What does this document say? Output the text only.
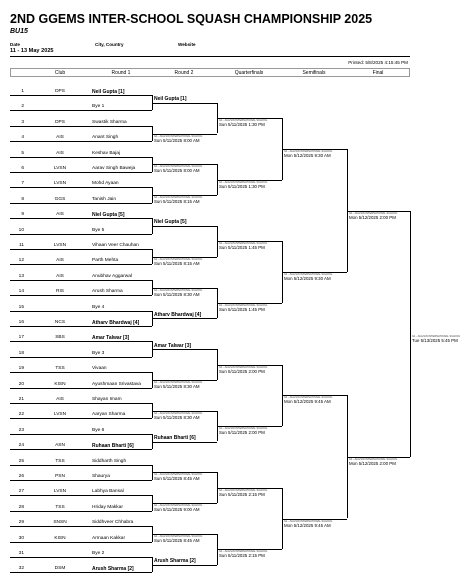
2ND GGEMS INTER-SCHOOL SQUASH CHAMPIONSHIP 2025
BU15
Date	City, Country	Website
11 - 13 May 2025
Printed: 5/8/2025 4:15:45 PM
Club	Round 1	Round 2	Quarterfinals	Semifinals	Final
1	DPS	Neil Gupta [1]
2	Bye 1
3	DPS	Swastik Sharma
4	AIS	Anant Singh
5	AIS	Keshav Bajaj
6	LVSN	Aarav Singh Baweja
7	LVSN	Mohd Ayaan
8	GGS	Tanish Jain
9	AIS	Niel Gupta [5]
10	Bye 5
11	LVSN	Vihaan Veer Chauhan
12	AIS	Parth Mehta
13	AIS	Anubhav Aggarwal
14	RIS	Arush Sharma
15	Bye 4
16	NCS	Atharv Bhardwaj [4]
17	SBS	Amar Talwar [3]
18	Bye 3
19	TSS	Vivaan
20	KISN	Ayushmaan Srivastava
21	AIS	Shayan Imam
22	LVSN	Aaryan Sharma
23	Bye 6
24	ASN	Ruhaan Bharti [6]
25	TSS	Siddharth Singh
26	PSN	Shaurya
27	LVSN	Labhya Bansal
28	TSS	Hriday Makkar
29	SNSN	Siddhveer Chhabra
30	KISN	Armaan Kakkar
31	Bye 2
32	DSM	Arush Sharma [2]
Neil Gupta [1]
G1 - AIALSIN INTERNATIONAL SCHOOL
Sun 5/11/2025 8:00 AM
G1 - AIALSIN INTERNATIONAL SCHOOL
Sun 5/11/2025 8:00 AM
G1 - AIALSIN INTERNATIONAL SCHOOL
Sun 5/11/2025 8:15 AM
Niel Gupta [5]
G1 - AIALSIN INTERNATIONAL SCHOOL
Sun 5/11/2025 8:15 AM
G1 - AIALSIN INTERNATIONAL SCHOOL
Sun 5/11/2025 8:30 AM
Atharv Bhardwaj [4]
Amar Talwar [3]
G1 - AIALSIN INTERNATIONAL SCHOOL
Sun 5/11/2025 8:30 AM
G1 - AIALSIN INTERNATIONAL SCHOOL
Sun 5/11/2025 8:30 AM
Ruhaan Bharti [6]
G1 - AIALSIN INTERNATIONAL SCHOOL
Sun 5/11/2025 8:45 AM
G1 - AIALSIN INTERNATIONAL SCHOOL
Sun 5/11/2025 9:00 AM
G1 - AIALSIN INTERNATIONAL SCHOOL
Sun 5/11/2025 8:45 AM
Arush Sharma [2]
G1 - AIALSIN INTERNATIONAL SCHOOL
Sun 5/11/2025 1:30 PM
G1 - AIALSIN INTERNATIONAL SCHOOL
Sun 5/11/2025 1:30 PM
G1 - AIALSIN INTERNATIONAL SCHOOL
Sun 5/11/2025 1:45 PM
G1 - AIALSIN INTERNATIONAL SCHOOL
Sun 5/11/2025 1:45 PM
G1 - AIALSIN INTERNATIONAL SCHOOL
Sun 5/11/2025 2:00 PM
G1 - AIALSIN INTERNATIONAL SCHOOL
Sun 5/11/2025 2:00 PM
G1 - AIALSIN INTERNATIONAL SCHOOL
Sun 5/11/2025 2:15 PM
G1 - AIALSIN INTERNATIONAL SCHOOL
Sun 5/11/2025 2:15 PM
G1 - AIALSIN INTERNATIONAL SCHOOL
Mon 5/12/2025 9:30 AM
G1 - AIALSIN INTERNATIONAL SCHOOL
Mon 5/12/2025 9:30 AM
G1 - AIALSIN INTERNATIONAL SCHOOL
Mon 5/12/2025 9:45 AM
G1 - AIALSIN INTERNATIONAL SCHOOL
Mon 5/12/2025 9:45 AM
G1 - AIALSIN INTERNATIONAL SCHOOL
Mon 5/12/2025 2:00 PM
G1 - AIALSIN INTERNATIONAL SCHOOL
Mon 5/12/2025 2:00 PM
G1 - AIALSIN INTERNATIONAL SCHOOL
Tue 5/13/2025 5:45 PM
